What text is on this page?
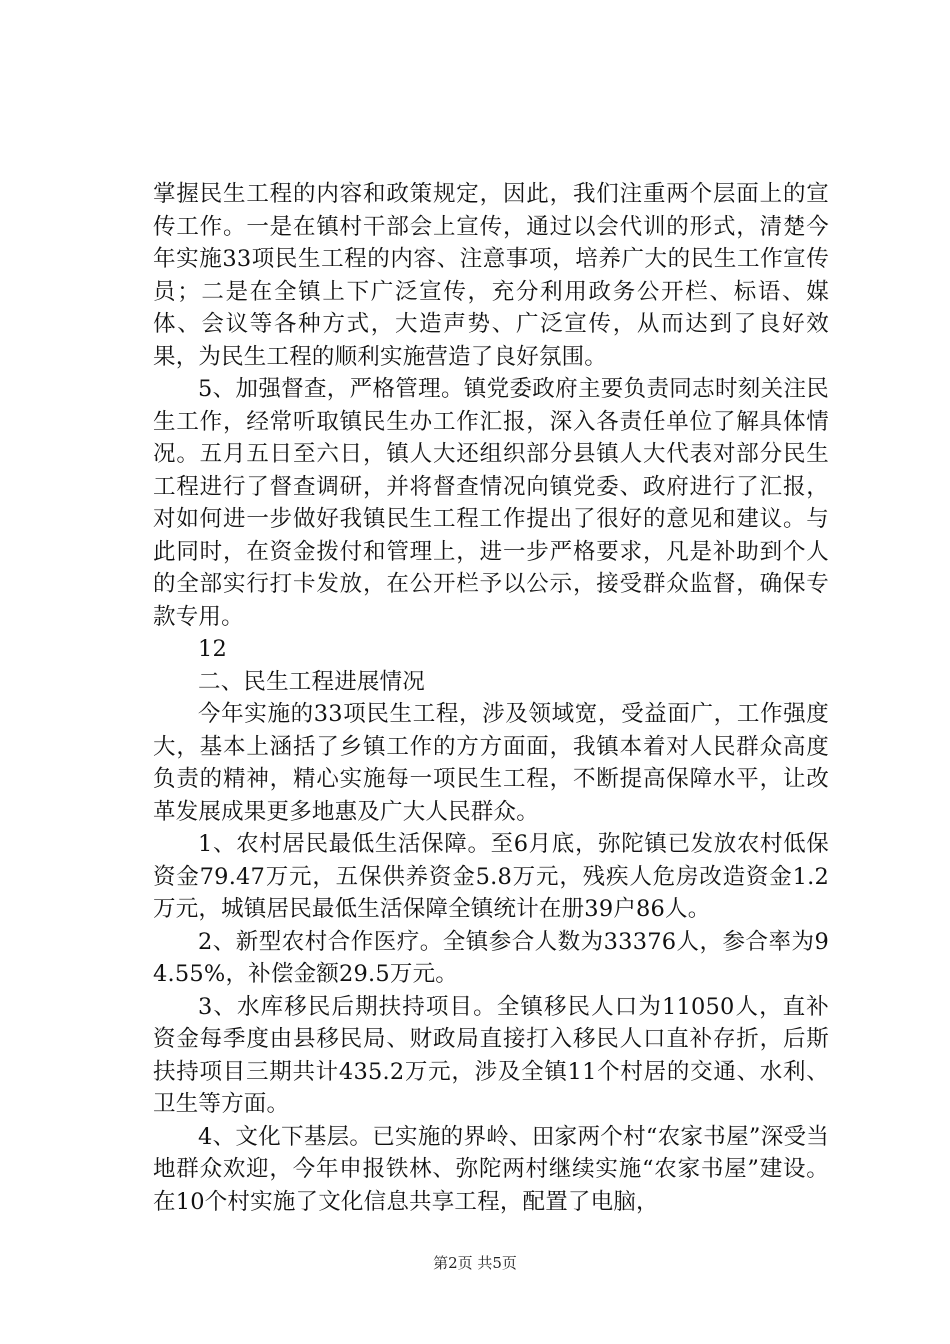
掌握民生工程的内容和政策规定，因此，我们注重两个层面上的宣传工作。一是在镇村干部会上宣传，通过以会代训的形式，清楚今年实施33项民生工程的内容、注意事项，培养广大的民生工作宣传员；二是在全镇上下广泛宣传，充分利用政务公开栏、标语、媒体、会议等各种方式，大造声势、广泛宣传，从而达到了良好效果，为民生工程的顺利实施营造了良好氛围。

5、加强督查，严格管理。镇党委政府主要负责同志时刻关注民生工作，经常听取镇民生办工作汇报，深入各责任单位了解具体情况。五月五日至六日，镇人大还组织部分县镇人大代表对部分民生工程进行了督查调研，并将督查情况向镇党委、政府进行了汇报，对如何进一步做好我镇民生工程工作提出了很好的意见和建议。与此同时，在资金拨付和管理上，进一步严格要求，凡是补助到个人的全部实行打卡发放，在公开栏予以公示，接受群众监督，确保专款专用。

12

二、民生工程进展情况

今年实施的33项民生工程，涉及领域宽，受益面广，工作强度大，基本上涵括了乡镇工作的方方面面，我镇本着对人民群众高度负责的精神，精心实施每一项民生工程，不断提高保障水平，让改革发展成果更多地惠及广大人民群众。

1、农村居民最低生活保障。至6月底，弥陀镇已发放农村低保资金79.47万元，五保供养资金5.8万元，残疾人危房改造资金1.2万元，城镇居民最低生活保障全镇统计在册39户86人。

2、新型农村合作医疗。全镇参合人数为33376人，参合率为94.55%，补偿金额29.5万元。

3、水库移民后期扶持项目。全镇移民人口为11050人，直补资金每季度由县移民局、财政局直接打入移民人口直补存折，后斯扶持项目三期共计435.2万元，涉及全镇11个村居的交通、水利、卫生等方面。

4、文化下基层。已实施的界岭、田家两个村“农家书屋”深受当地群众欢迎，今年申报铁林、弥陀两村继续实施“农家书屋”建设。在10个村实施了文化信息共享工程，配置了电脑，

第2页 共5页
